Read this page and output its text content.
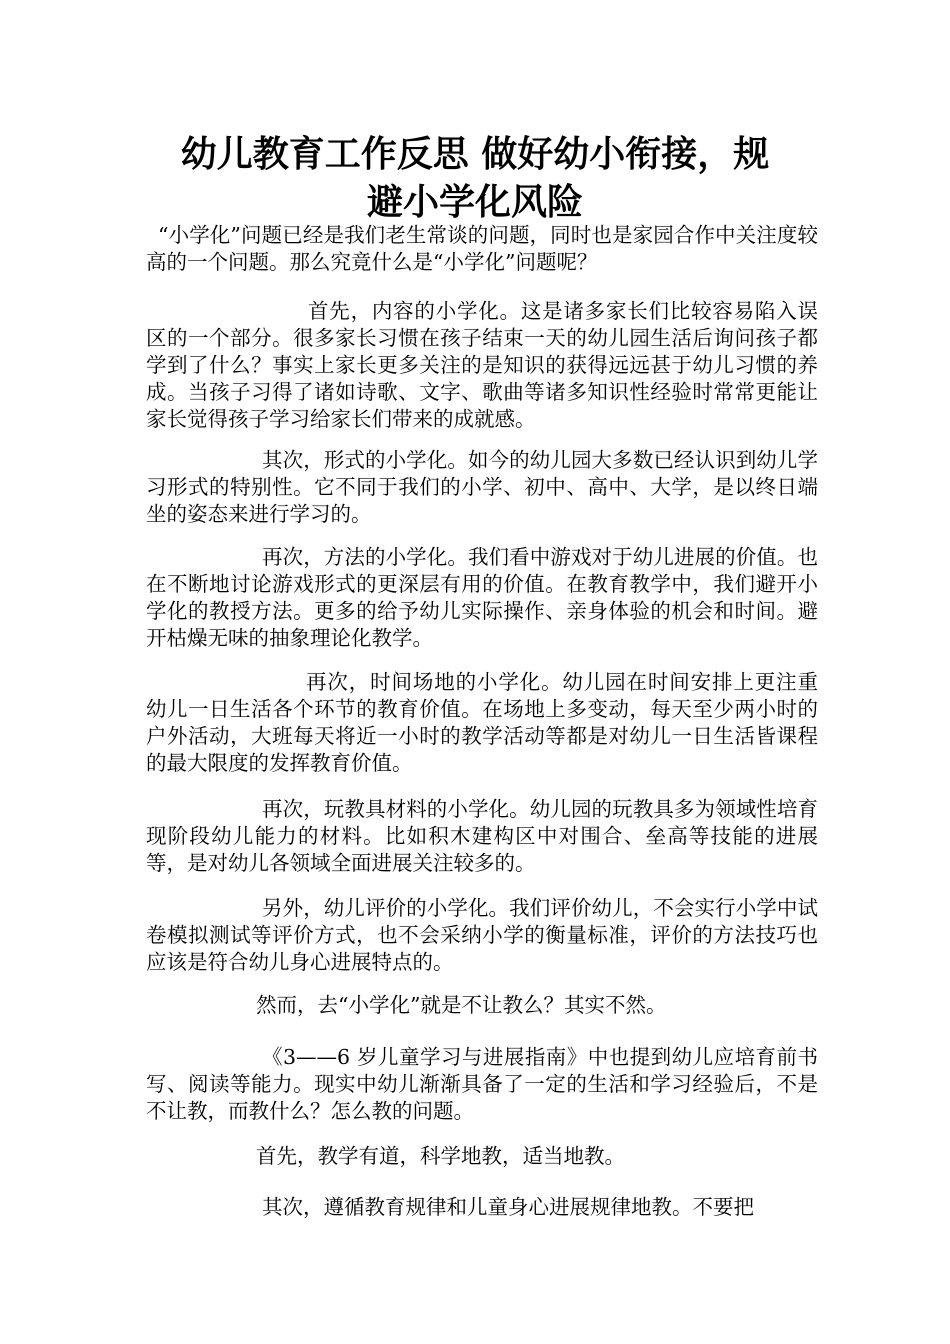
幼儿教育工作反思 做好幼小衔接，规
避小学化风险

“小学化”问题已经是我们老生常谈的问题，同时也是家园合作中关注度较高的一个问题。那么究竟什么是“小学化”问题呢？

首先，内容的小学化。这是诸多家长们比较容易陷入误区的一个部分。很多家长习惯在孩子结束一天的幼儿园生活后询问孩子都学到了什么？事实上家长更多关注的是知识的获得远远甚于幼儿习惯的养成。当孩子习得了诸如诗歌、文字、歌曲等诸多知识性经验时常常更能让家长觉得孩子学习给家长们带来的成就感。

其次，形式的小学化。如今的幼儿园大多数已经认识到幼儿学习形式的特别性。它不同于我们的小学、初中、高中、大学，是以终日端坐的姿态来进行学习的。

再次，方法的小学化。我们看中游戏对于幼儿进展的价值。也在不断地讨论游戏形式的更深层有用的价值。在教育教学中，我们避开小学化的教授方法。更多的给予幼儿实际操作、亲身体验的机会和时间。避开枯燥无味的抽象理论化教学。

再次，时间场地的小学化。幼儿园在时间安排上更注重幼儿一日生活各个环节的教育价值。在场地上多变动，每天至少两小时的户外活动，大班每天将近一小时的教学活动等都是对幼儿一日生活皆课程的最大限度的发挥教育价值。

再次，玩教具材料的小学化。幼儿园的玩教具多为领域性培育现阶段幼儿能力的材料。比如积木建构区中对围合、垒高等技能的进展等，是对幼儿各领域全面进展关注较多的。

另外，幼儿评价的小学化。我们评价幼儿，不会实行小学中试卷模拟测试等评价方式，也不会采纳小学的衡量标准，评价的方法技巧也应该是符合幼儿身心进展特点的。

然而，去“小学化”就是不让教么？其实不然。

《3——6 岁儿童学习与进展指南》中也提到幼儿应培育前书写、阅读等能力。现实中幼儿渐渐具备了一定的生活和学习经验后，不是不让教，而教什么？怎么教的问题。

首先，教学有道，科学地教，适当地教。

其次，遵循教育规律和儿童身心进展规律地教。不要把
